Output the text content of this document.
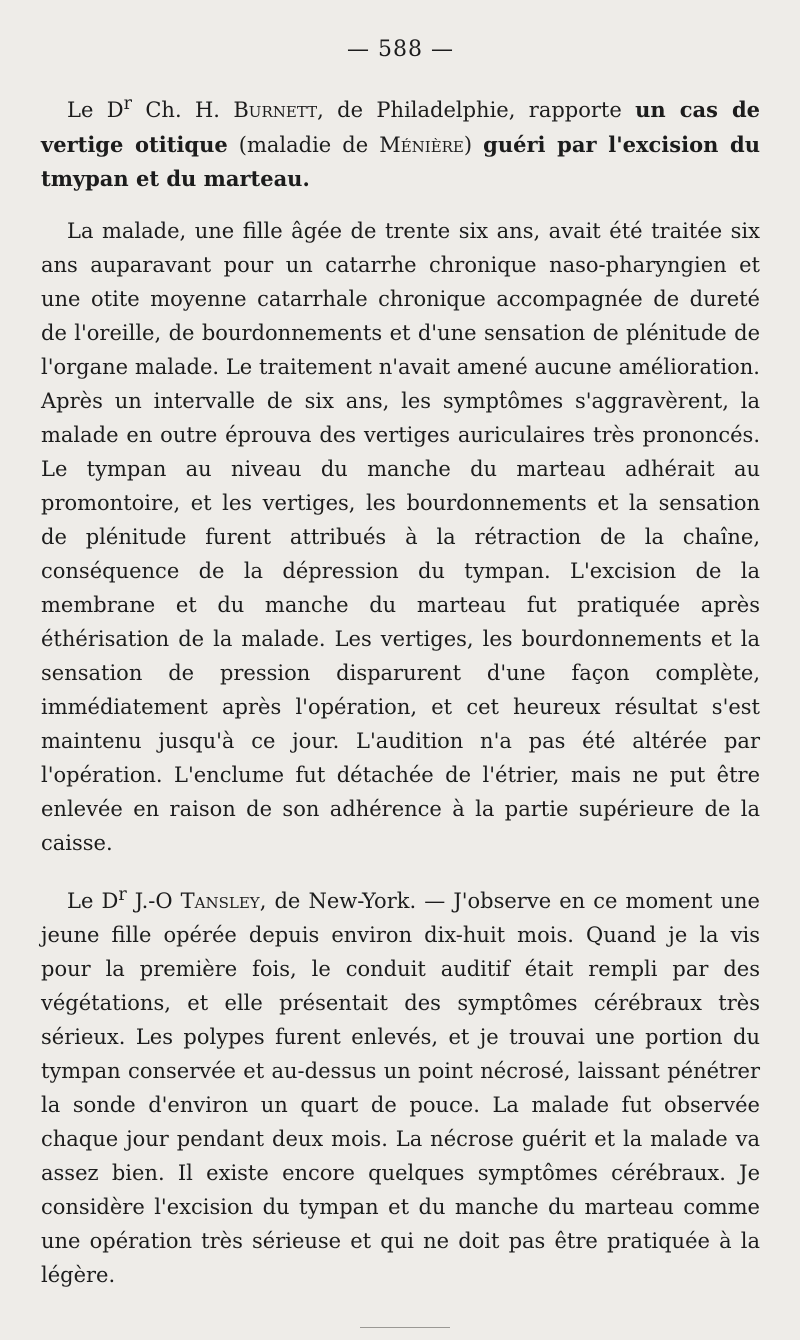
— 588 —

Le $D^r$ Ch. H. Burnett, de Philadelphie, rapporte un cas de vertige otitique (maladie de Ménière) guéri par l'excision du tmypan et du marteau.

La malade, une fille âgée de trente six ans, avait été traitée six ans auparavant pour un catarrhe chronique naso-pharyngien et une otite moyenne catarrhale chronique accompagnée de dureté de l'oreille, de bourdonnements et d'une sensation de plénitude de l'organe malade. Le traitement n'avait amené aucune amélioration. Après un intervalle de six ans, les symptômes s'aggravèrent, la malade en outre éprouva des vertiges auriculaires très prononcés. Le tympan au niveau du manche du marteau adhérait au promontoire, et les vertiges, les bourdonnements et la sensation de plénitude furent attribués à la rétraction de la chaîne, conséquence de la dépression du tympan. L'excision de la membrane et du manche du marteau fut pratiquée après éthérisation de la malade. Les vertiges, les bourdonnements et la sensation de pression disparurent d'une façon complète, immédiatement après l'opération, et cet heureux résultat s'est maintenu jusqu'à ce jour. L'audition n'a pas été altérée par l'opération. L'enclume fut détachée de l'étrier, mais ne put être enlevée en raison de son adhérence à la partie supérieure de la caisse.

Le $D^r$ J.-O Tansley, de New-York. — J'observe en ce moment une jeune fille opérée depuis environ dix-huit mois. Quand je la vis pour la première fois, le conduit auditif était rempli par des végétations, et elle présentait des symptômes cérébraux très sérieux. Les polypes furent enlevés, et je trouvai une portion du tympan conservée et au-dessus un point nécrosé, laissant pénétrer la sonde d'environ un quart de pouce. La malade fut observée chaque jour pendant deux mois. La nécrose guérit et la malade va assez bien. Il existe encore quelques symptômes cérébraux. Je considère l'excision du tympan et du manche du marteau comme une opération très sérieuse et qui ne doit pas être pratiquée à la légère.
